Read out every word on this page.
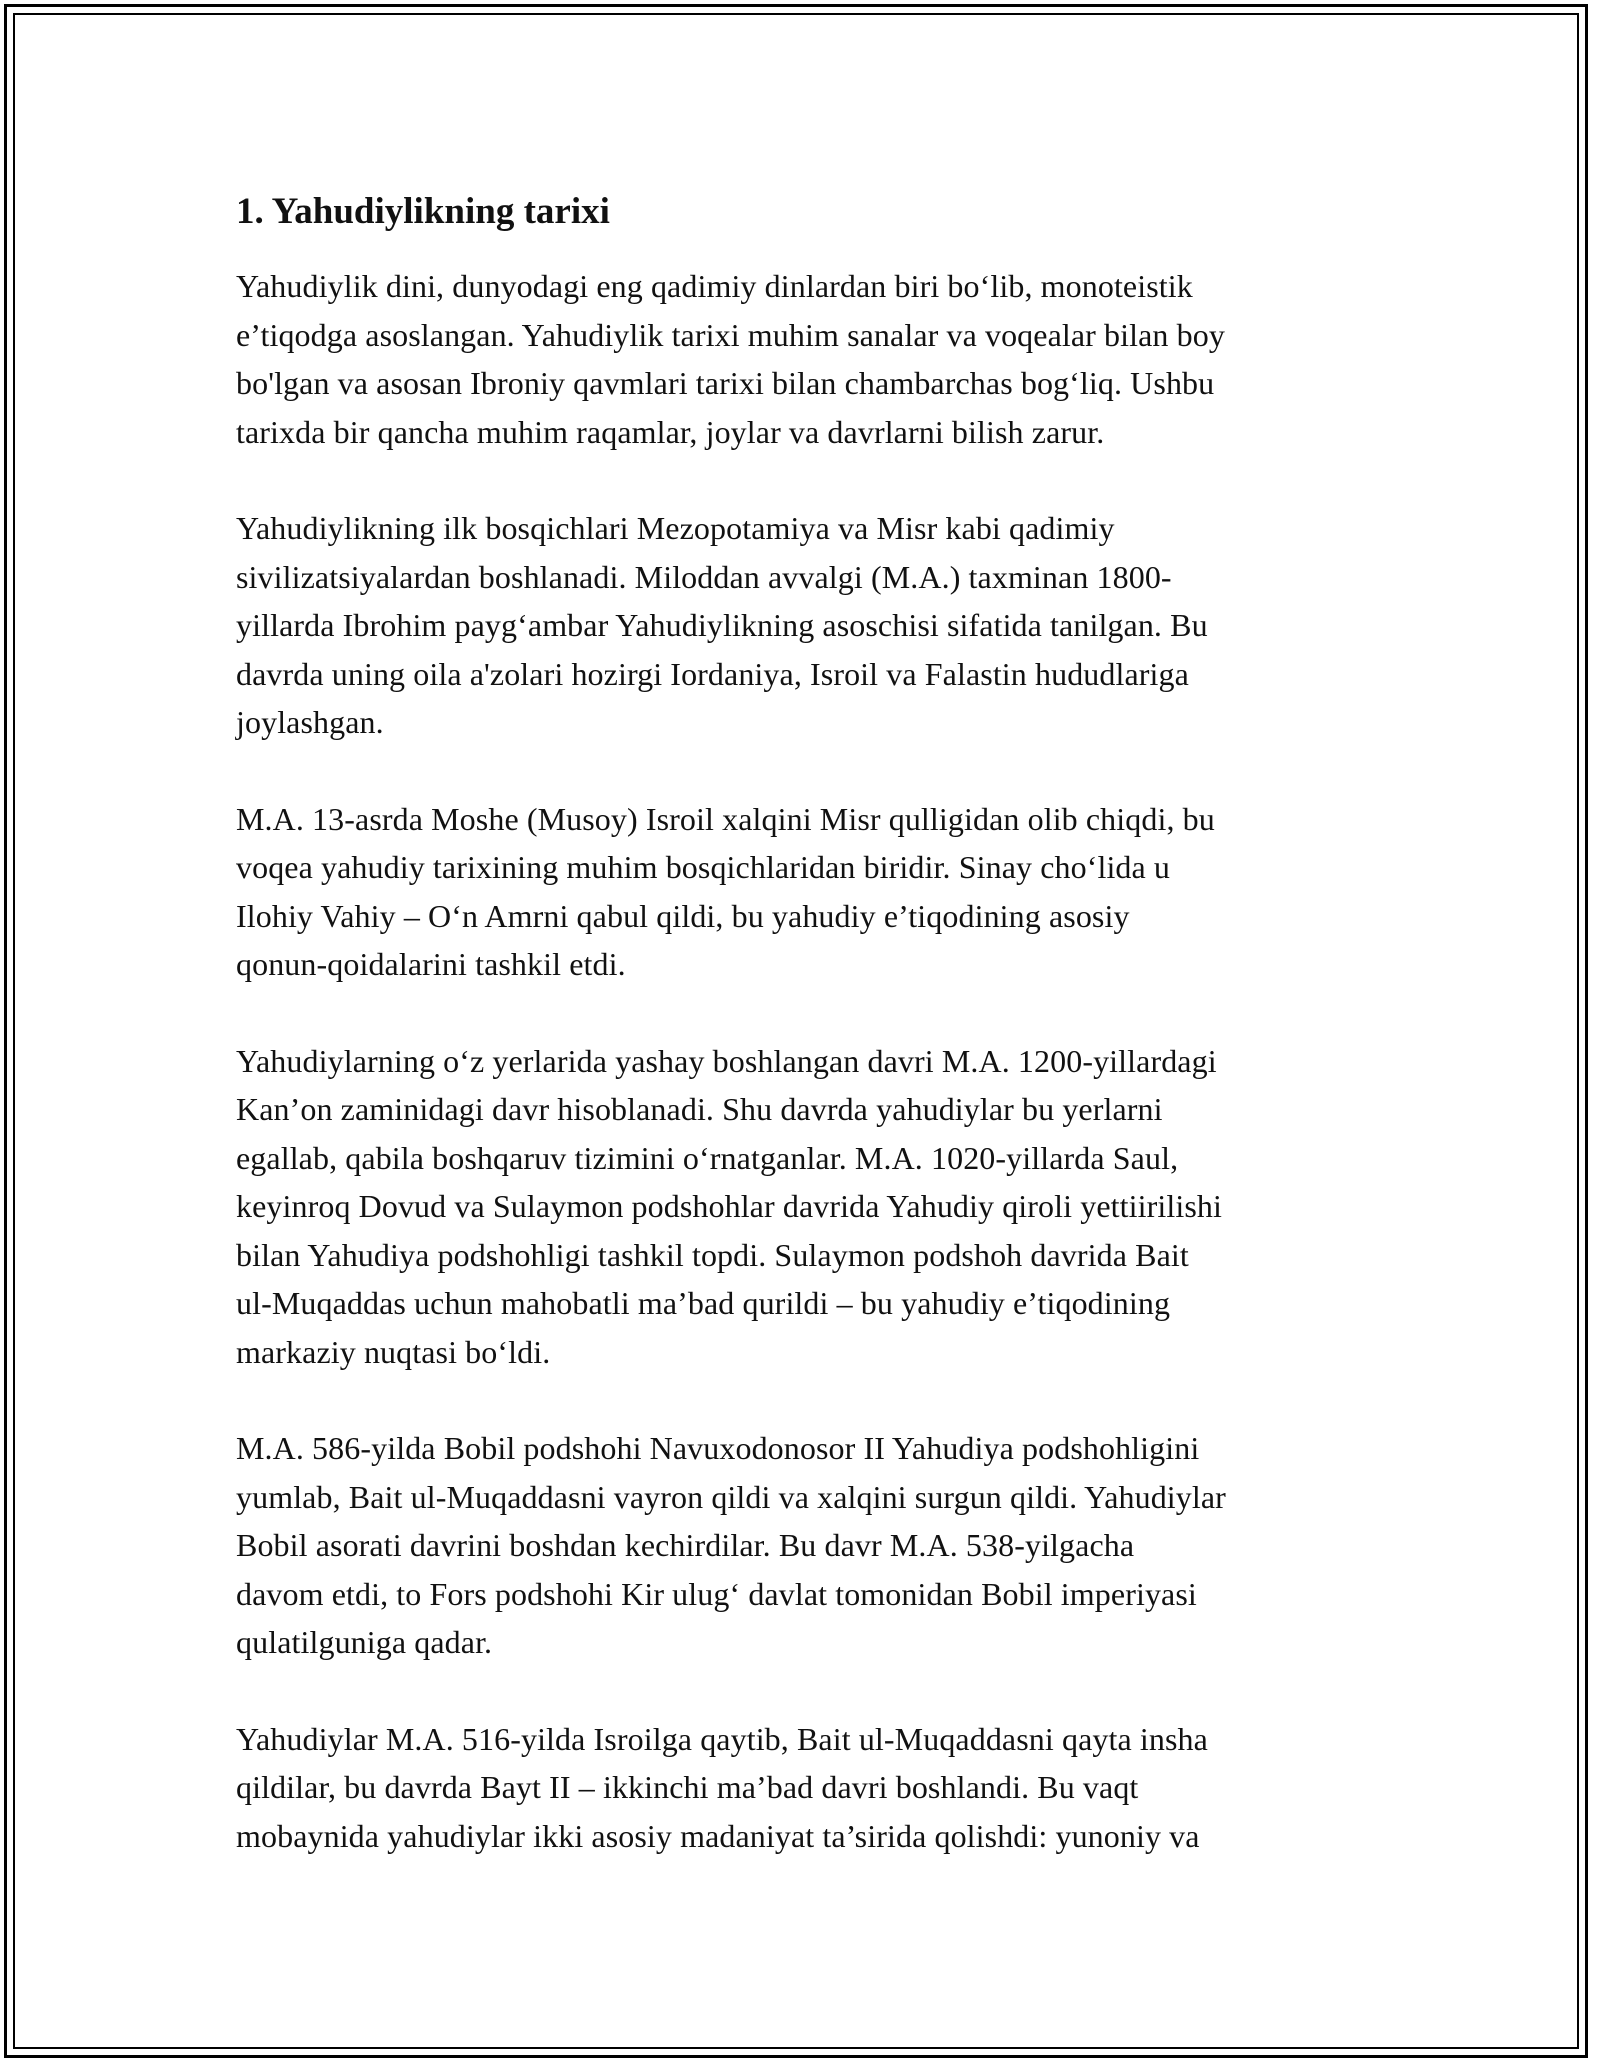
1. Yahudiylikning tarixi

Yahudiylik dini, dunyodagi eng qadimiy dinlardan biri bo‘lib, monoteistik
e’tiqodga asoslangan. Yahudiylik tarixi muhim sanalar va voqealar bilan boy
bo'lgan va asosan Ibroniy qavmlari tarixi bilan chambarchas bog‘liq. Ushbu
tarixda bir qancha muhim raqamlar, joylar va davrlarni bilish zarur.

Yahudiylikning ilk bosqichlari Mezopotamiya va Misr kabi qadimiy
sivilizatsiyalardan boshlanadi. Miloddan avvalgi (M.A.) taxminan 1800-
yillarda Ibrohim payg‘ambar Yahudiylikning asoschisi sifatida tanilgan. Bu
davrda uning oila a'zolari hozirgi Iordaniya, Isroil va Falastin hududlariga
joylashgan.

M.A. 13-asrda Moshe (Musoy) Isroil xalqini Misr qulligidan olib chiqdi, bu
voqea yahudiy tarixining muhim bosqichlaridan biridir. Sinay cho‘lida u
Ilohiy Vahiy – O‘n Amrni qabul qildi, bu yahudiy e’tiqodining asosiy
qonun-qoidalarini tashkil etdi.

Yahudiylarning o‘z yerlarida yashay boshlangan davri M.A. 1200-yillardagi
Kan’on zaminidagi davr hisoblanadi. Shu davrda yahudiylar bu yerlarni
egallab, qabila boshqaruv tizimini o‘rnatganlar. M.A. 1020-yillarda Saul,
keyinroq Dovud va Sulaymon podshohlar davrida Yahudiy qiroli yettiirilishi
bilan Yahudiya podshohligi tashkil topdi. Sulaymon podshoh davrida Bait
ul-Muqaddas uchun mahobatli ma’bad qurildi – bu yahudiy e’tiqodining
markaziy nuqtasi bo‘ldi.

M.A. 586-yilda Bobil podshohi Navuxodonosor II Yahudiya podshohligini
yumlab, Bait ul-Muqaddasni vayron qildi va xalqini surgun qildi. Yahudiylar
Bobil asorati davrini boshdan kechirdilar. Bu davr M.A. 538-yilgacha
davom etdi, to Fors podshohi Kir ulug‘ davlat tomonidan Bobil imperiyasi
qulatilguniga qadar.

Yahudiylar M.A. 516-yilda Isroilga qaytib, Bait ul-Muqaddasni qayta insha
qildilar, bu davrda Bayt II – ikkinchi ma’bad davri boshlandi. Bu vaqt
mobaynida yahudiylar ikki asosiy madaniyat ta’sirida qolishdi: yunoniy va
